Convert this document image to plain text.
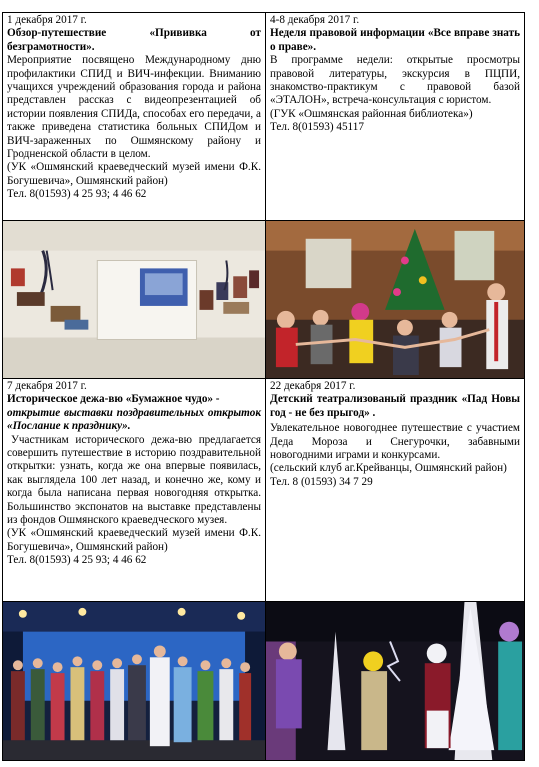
1 декабря 2017 г.

Обзор-путешествие «Прививка от безграмотности».

Мероприятие посвящено Международному дню профилактики СПИД и ВИЧ-инфекции. Вниманию учащихся учреждений образования города и района представлен рассказ с видеопрезентацией об истории появления СПИДа, способах его передачи, а также приведена статистика больных СПИДом и ВИЧ-зараженных по Ошмянскому району и Гродненской области в целом.

(УК «Ошмянский краеведческий музей имени Ф.К. Богушевича», Ошмянский район)

Тел. 8(01593) 4 25 93; 4 46 62
4-8 декабря 2017 г.

Неделя правовой информации «Все вправе знать о праве».

В программе недели: открытые просмотры правовой литературы, экскурсия в ПЦПИ, знакомство-практикум с правовой базой «ЭТАЛОН», встреча-консультация с юристом.

(ГУК «Ошмянская районная библиотека»)

Тел. 8(01593) 45117
7 декабря 2017 г.

Историческое дежа-вю «Бумажное чудо» -

открытие выставки поздравительных открыток «Послание к празднику».

Участникам исторического дежа-вю предлагается совершить путешествие в историю поздравительной открытки: узнать, когда же она впервые появилась, как выглядела 100 лет назад, и конечно же, кому и когда была написана первая новогодняя открытка. Большинство экспонатов на выставке представлены из фондов Ошмянского краеведческого музея.

(УК «Ошмянский краеведческий музей имени Ф.К. Богушевича», Ошмянский район)

Тел. 8(01593) 4 25 93; 4 46 62
22 декабря 2017 г.

Детский театрализованый праздник «Пад Новы год - не без прыгод» .

Увлекательное новогоднее путешествие с участием Деда Мороза и Снегурочки, забавными новогодними играми и конкурсами.

(сельский клуб аг.Крейванцы, Ошмянский район)

Тел. 8 (01593) 34 7 29
